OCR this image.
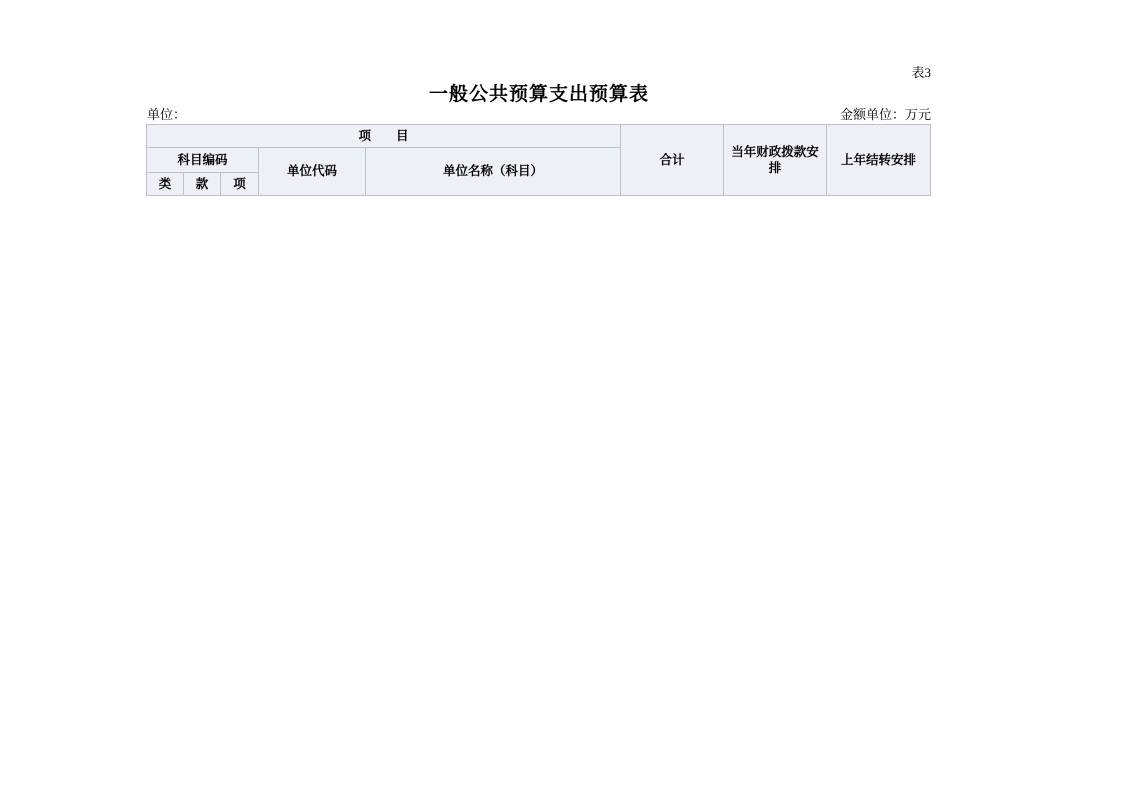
表3
一般公共预算支出预算表
单位：	金额单位：万元
项　　目					合计	当年财政拨款安排	上年结转安排
科目编码			单位代码	单位名称（科目）			
类	款	项					
